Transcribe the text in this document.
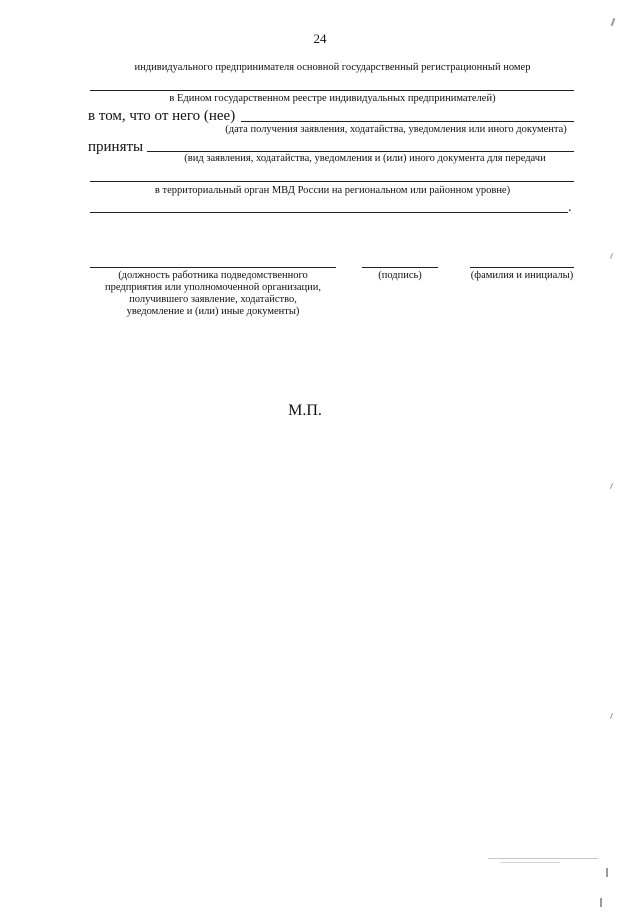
24
индивидуального предпринимателя основной государственный регистрационный номер
в Едином государственном реестре индивидуальных предпринимателей)
в том, что от него (нее)
(дата получения заявления, ходатайства, уведомления или иного документа)
приняты
(вид заявления, ходатайства, уведомления и (или) иного документа для передачи
в территориальный орган МВД России на региональном или районном уровне)
.
(должность работника подведомственного
предприятия или уполномоченной организации,
получившего заявление, ходатайство,
уведомление и (или) иные документы)
(подпись)	(фамилия и инициалы)
М.П.
